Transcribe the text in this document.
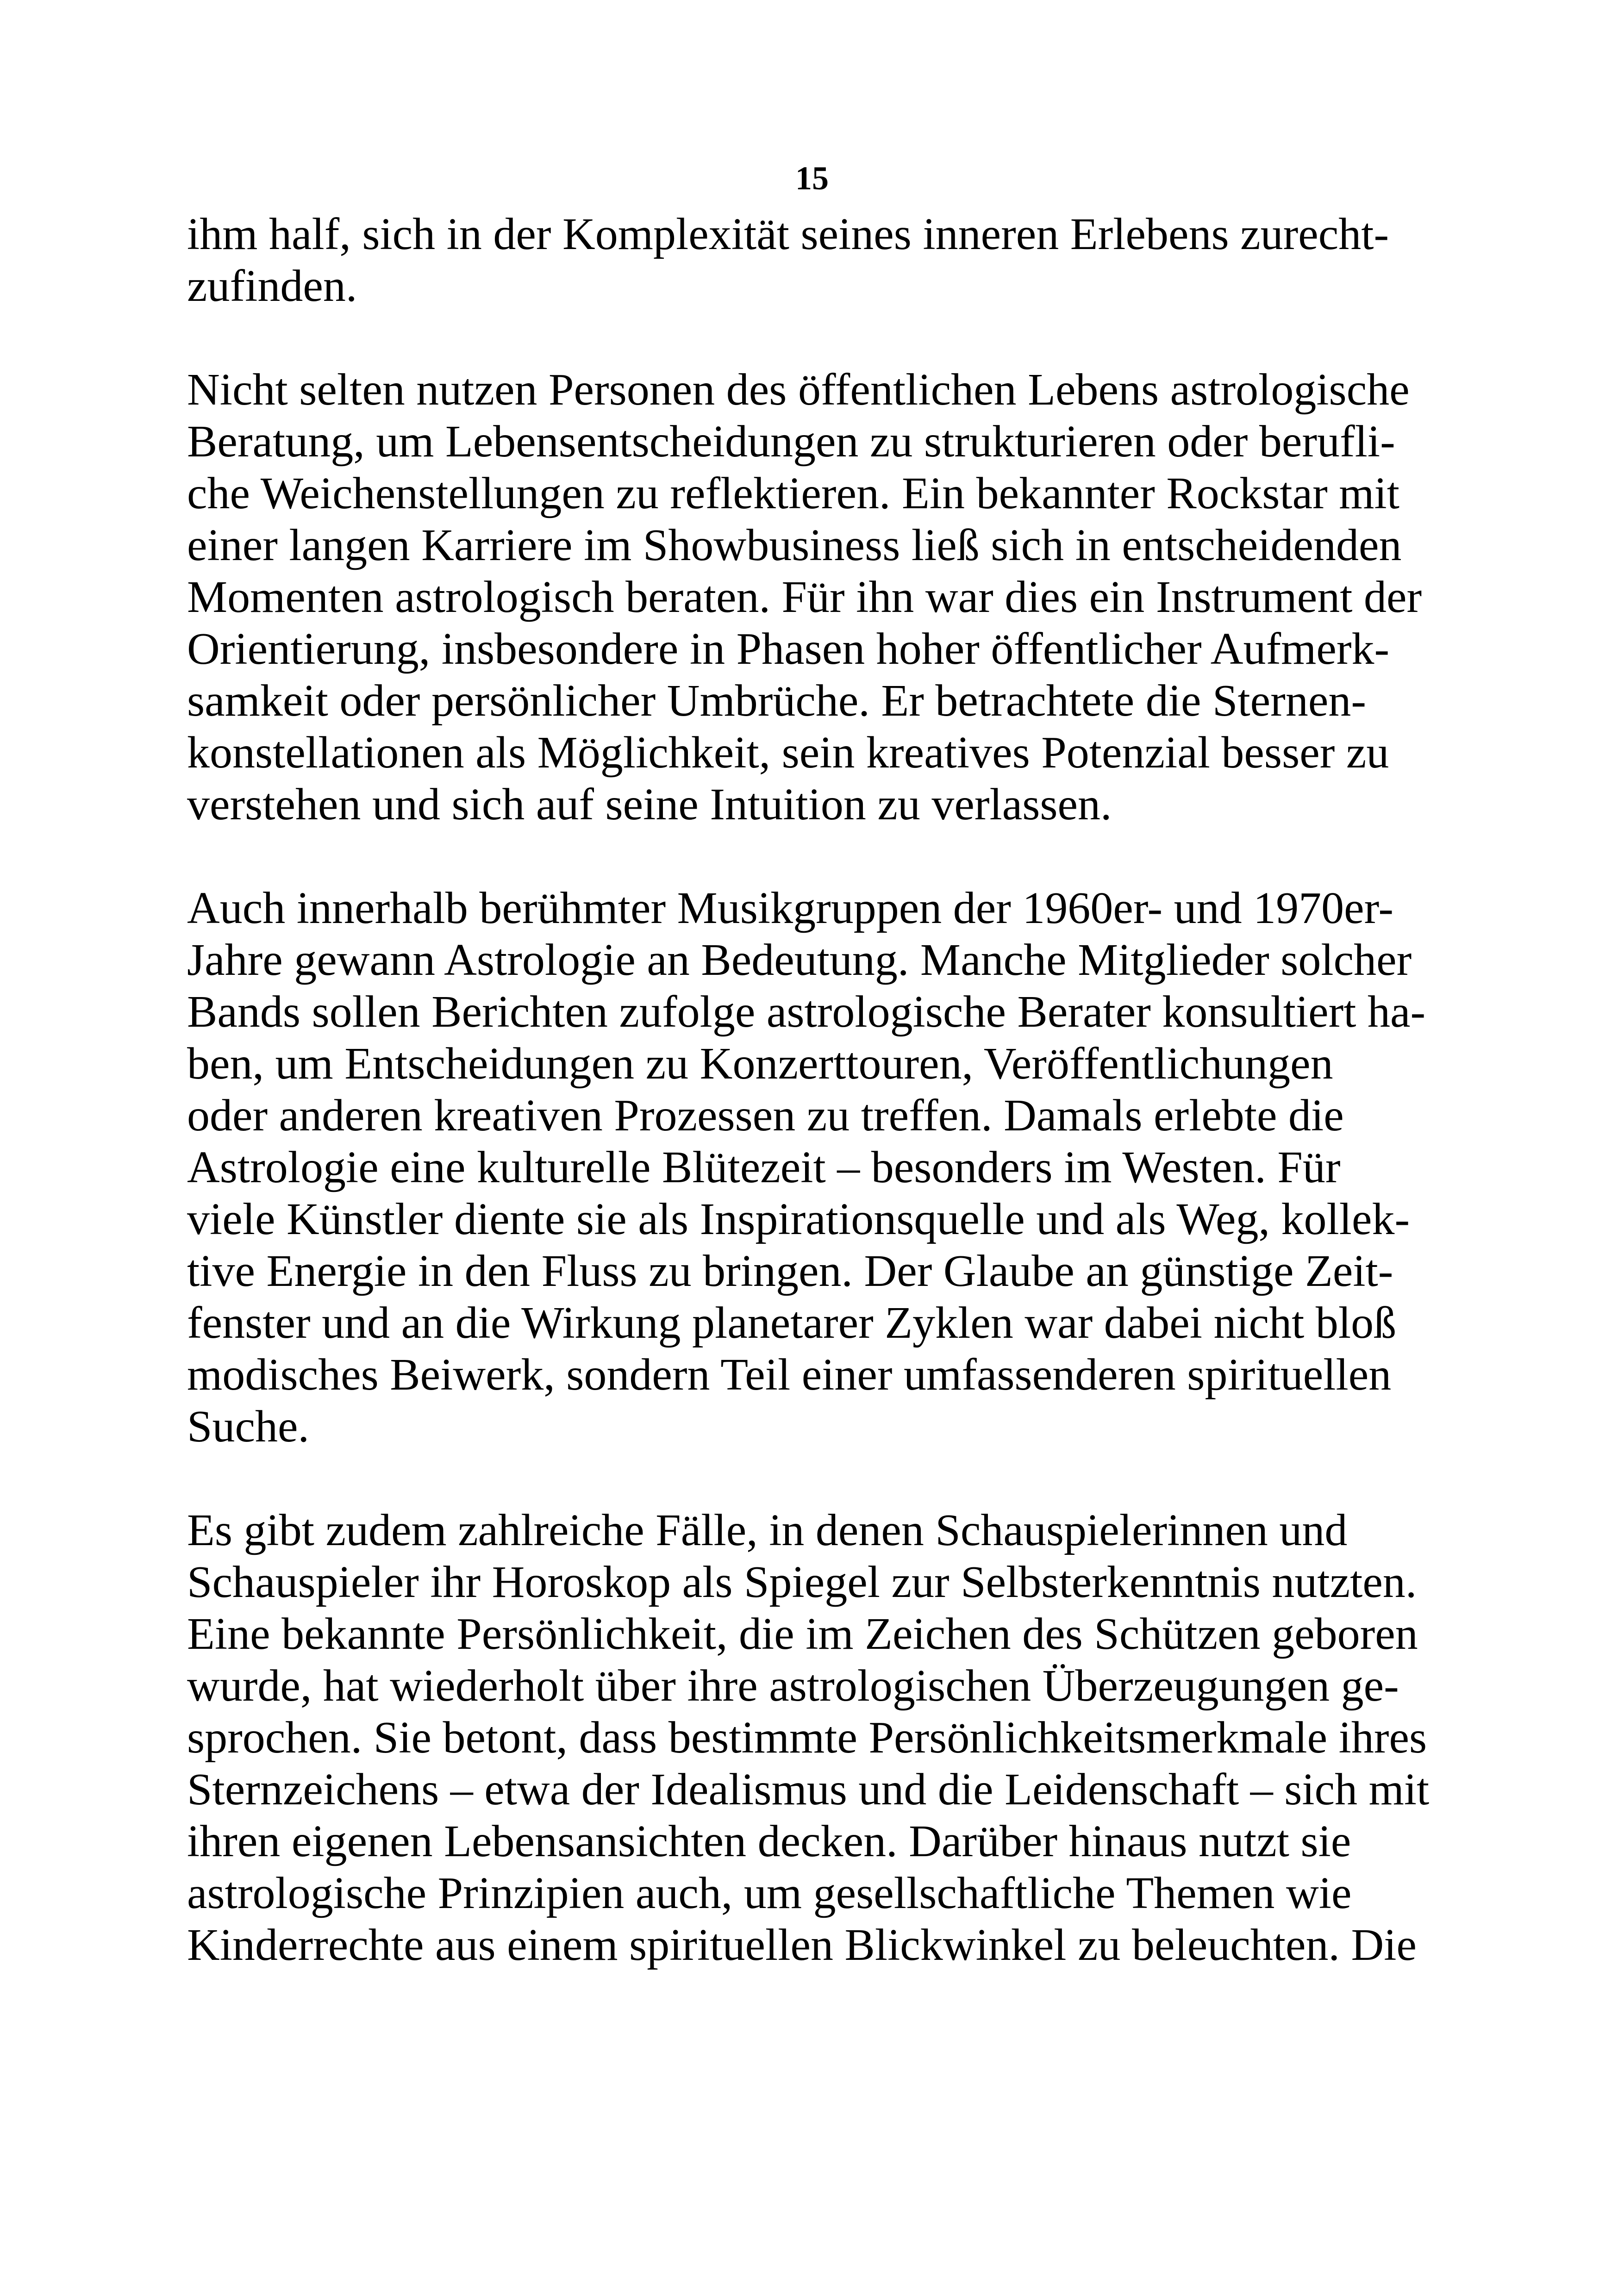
15
ihm half, sich in der Komplexität seines inneren Erlebens zurecht-
zufinden.
Nicht selten nutzen Personen des öffentlichen Lebens astrologische
Beratung, um Lebensentscheidungen zu strukturieren oder berufli-
che Weichenstellungen zu reflektieren. Ein bekannter Rockstar mit
einer langen Karriere im Showbusiness ließ sich in entscheidenden
Momenten astrologisch beraten. Für ihn war dies ein Instrument der
Orientierung, insbesondere in Phasen hoher öffentlicher Aufmerk-
samkeit oder persönlicher Umbrüche. Er betrachtete die Sternen-
konstellationen als Möglichkeit, sein kreatives Potenzial besser zu
verstehen und sich auf seine Intuition zu verlassen.
Auch innerhalb berühmter Musikgruppen der 1960er- und 1970er-
Jahre gewann Astrologie an Bedeutung. Manche Mitglieder solcher
Bands sollen Berichten zufolge astrologische Berater konsultiert ha-
ben, um Entscheidungen zu Konzerttouren, Veröffentlichungen
oder anderen kreativen Prozessen zu treffen. Damals erlebte die
Astrologie eine kulturelle Blütezeit – besonders im Westen. Für
viele Künstler diente sie als Inspirationsquelle und als Weg, kollek-
tive Energie in den Fluss zu bringen. Der Glaube an günstige Zeit-
fenster und an die Wirkung planetarer Zyklen war dabei nicht bloß
modisches Beiwerk, sondern Teil einer umfassenderen spirituellen
Suche.
Es gibt zudem zahlreiche Fälle, in denen Schauspielerinnen und
Schauspieler ihr Horoskop als Spiegel zur Selbsterkenntnis nutzten.
Eine bekannte Persönlichkeit, die im Zeichen des Schützen geboren
wurde, hat wiederholt über ihre astrologischen Überzeugungen ge-
sprochen. Sie betont, dass bestimmte Persönlichkeitsmerkmale ihres
Sternzeichens – etwa der Idealismus und die Leidenschaft – sich mit
ihren eigenen Lebensansichten decken. Darüber hinaus nutzt sie
astrologische Prinzipien auch, um gesellschaftliche Themen wie
Kinderrechte aus einem spirituellen Blickwinkel zu beleuchten. Die
